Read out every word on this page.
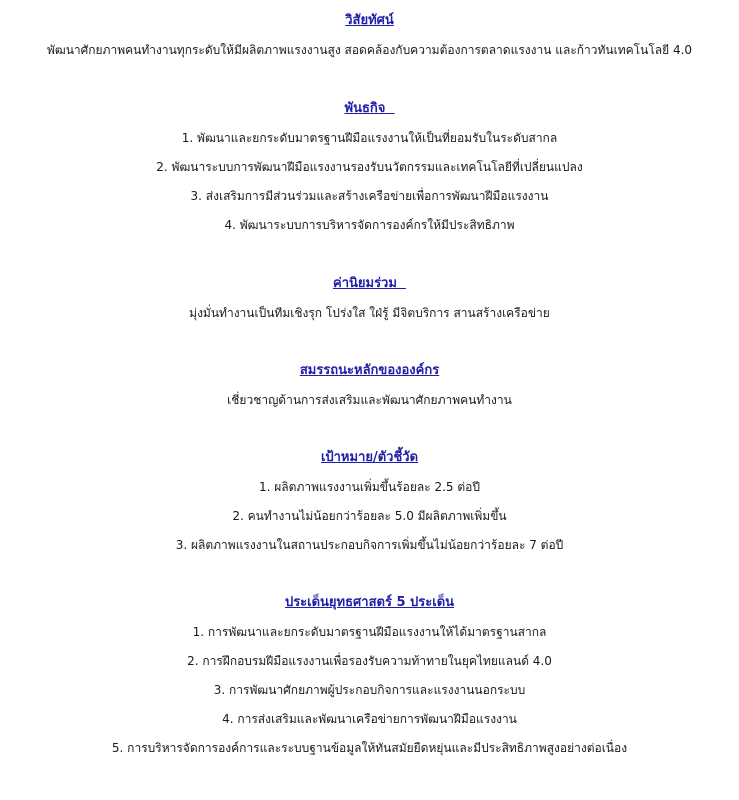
วิสัยทัศน์
พัฒนาศักยภาพคนทำงานทุกระดับให้มีผลิตภาพแรงงานสูง สอดคล้องกับความต้องการตลาดแรงงาน และก้าวทันเทคโนโลยี 4.0
พันธกิจ
1. พัฒนาและยกระดับมาตรฐานฝีมือแรงงานให้เป็นที่ยอมรับในระดับสากล
2. พัฒนาระบบการพัฒนาฝีมือแรงงานรองรับนวัตกรรมและเทคโนโลยีที่เปลี่ยนแปลง
3. ส่งเสริมการมีส่วนร่วมและสร้างเครือข่ายเพื่อการพัฒนาฝีมือแรงงาน
4. พัฒนาระบบการบริหารจัดการองค์กรให้มีประสิทธิภาพ
ค่านิยมร่วม
มุ่งมั่นทำงานเป็นทีมเชิงรุก โปร่งใส ใฝ่รู้ มีจิตบริการ สานสร้างเครือข่าย
สมรรถนะหลักขององค์กร
เชี่ยวชาญด้านการส่งเสริมและพัฒนาศักยภาพคนทำงาน
เป้าหมาย/ตัวชี้วัด
1. ผลิตภาพแรงงานเพิ่มขึ้นร้อยละ 2.5 ต่อปี
2. คนทำงานไม่น้อยกว่าร้อยละ 5.0 มีผลิตภาพเพิ่มขึ้น
3. ผลิตภาพแรงงานในสถานประกอบกิจการเพิ่มขึ้นไม่น้อยกว่าร้อยละ 7 ต่อปี
ประเด็นยุทธศาสตร์ 5 ประเด็น
1. การพัฒนาและยกระดับมาตรฐานฝีมือแรงงานให้ได้มาตรฐานสากล
2. การฝึกอบรมฝีมือแรงงานเพื่อรองรับความท้าทายในยุคไทยแลนด์ 4.0
3. การพัฒนาศักยภาพผู้ประกอบกิจการและแรงงานนอกระบบ
4. การส่งเสริมและพัฒนาเครือข่ายการพัฒนาฝีมือแรงงาน
5. การบริหารจัดการองค์การและระบบฐานข้อมูลให้ทันสมัยยืดหยุ่นและมีประสิทธิภาพสูงอย่างต่อเนื่อง
